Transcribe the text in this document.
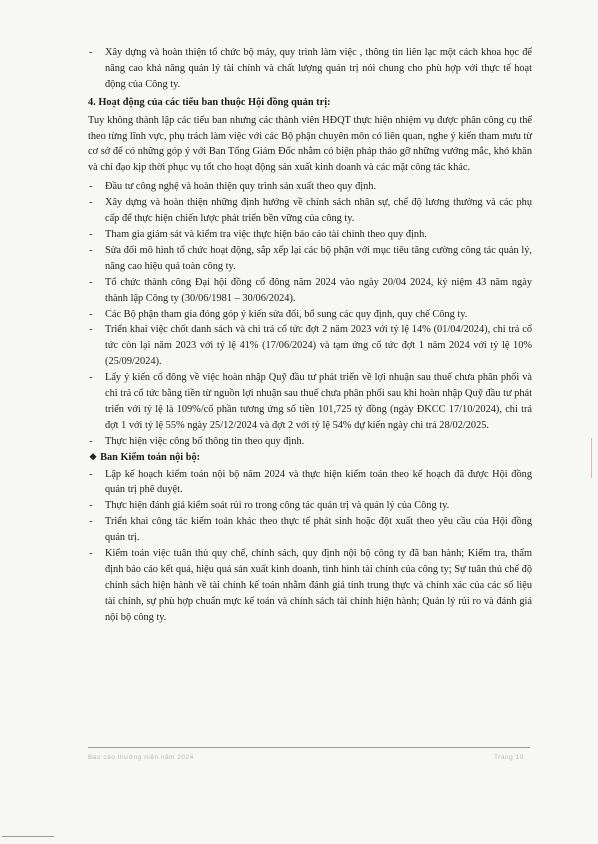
- Xây dựng và hoàn thiện tổ chức bộ máy, quy trình làm việc , thông tin liên lạc một cách khoa học để nâng cao khả năng quản lý tài chính và chất lượng quản trị nói chung cho phù hợp với thực tế hoạt động của Công ty.

4. Hoạt động của các tiểu ban thuộc Hội đồng quản trị:

Tuy không thành lập các tiểu ban nhưng các thành viên HĐQT thực hiện nhiệm vụ được phân công cụ thể theo từng lĩnh vực, phụ trách làm việc với các Bộ phận chuyên môn có liên quan, nghe ý kiến tham mưu từ cơ sở để có những góp ý với Ban Tổng Giám Đốc nhằm có biện pháp tháo gỡ những vướng mắc, khó khăn và chỉ đạo kịp thời phục vụ tốt cho hoạt động sản xuất kinh doanh và các mặt công tác khác.

- Đầu tư công nghệ và hoàn thiện quy trình sản xuất theo quy định.

- Xây dựng và hoàn thiện những định hướng về chính sách nhân sự, chế độ lương thưởng và các phụ cấp để thực hiện chiến lược phát triển bền vững của công ty.

- Tham gia giám sát và kiểm tra việc thực hiện báo cáo tài chính theo quy định.

- Sửa đổi mô hình tổ chức hoạt động, sắp xếp lại các bộ phận với mục tiêu tăng cường công tác quản lý, nâng cao hiệu quả toàn công ty.

- Tổ chức thành công Đại hội đồng cổ đông năm 2024 vào ngày 20/04 2024, kỷ niệm 43 năm ngày thành lập Công ty (30/06/1981 – 30/06/2024).

- Các Bộ phận tham gia đóng góp ý kiến sửa đổi, bổ sung các quy định, quy chế Công ty.

- Triển khai việc chốt danh sách và chi trả cổ tức đợt 2 năm 2023 với tỷ lệ 14% (01/04/2024), chi trả cổ tức còn lại năm 2023 với tỷ lệ 41% (17/06/2024) và tạm ứng cổ tức đợt 1 năm 2024 với tỷ lệ 10% (25/09/2024).

- Lấy ý kiến cổ đông về việc hoàn nhập Quỹ đầu tư phát triển về lợi nhuận sau thuế chưa phân phối và chi trả cổ tức bằng tiền từ nguồn lợi nhuận sau thuế chưa phân phối sau khi hoàn nhập Quỹ đầu tư phát triển với tỷ lệ là 109%/cổ phần tương ứng số tiền 101,725 tỷ đồng (ngày ĐKCC 17/10/2024), chi trả đợt 1 với tỷ lệ 55% ngày 25/12/2024 và đợt 2 với tỷ lệ 54% dự kiến ngày chi trả 28/02/2025.

- Thực hiện việc công bố thông tin theo quy định.

❖ Ban Kiểm toán nội bộ:

- Lập kế hoạch kiểm toán nội bộ năm 2024 và thực hiện kiểm toán theo kế hoạch đã được Hội đồng quản trị phê duyệt.

- Thực hiện đánh giá kiểm soát rủi ro trong công tác quản trị và quản lý của Công ty.

- Triển khai công tác kiểm toán khác theo thực tế phát sinh hoặc đột xuất theo yêu cầu của Hội đồng quản trị.

- Kiểm toán việc tuân thủ quy chế, chính sách, quy định nội bộ công ty đã ban hành; Kiểm tra, thẩm định báo cáo kết quả, hiệu quả sản xuất kinh doanh, tình hình tài chính của công ty; Sự tuân thủ chế độ chính sách hiện hành về tài chính kế toán nhằm đánh giá tính trung thực và chính xác của các số liệu tài chính, sự phù hợp chuẩn mực kế toán và chính sách tài chính hiện hành; Quản lý rủi ro và đánh giá nội bộ công ty.

Báo cáo thường niên năm 2024	Trang 10
